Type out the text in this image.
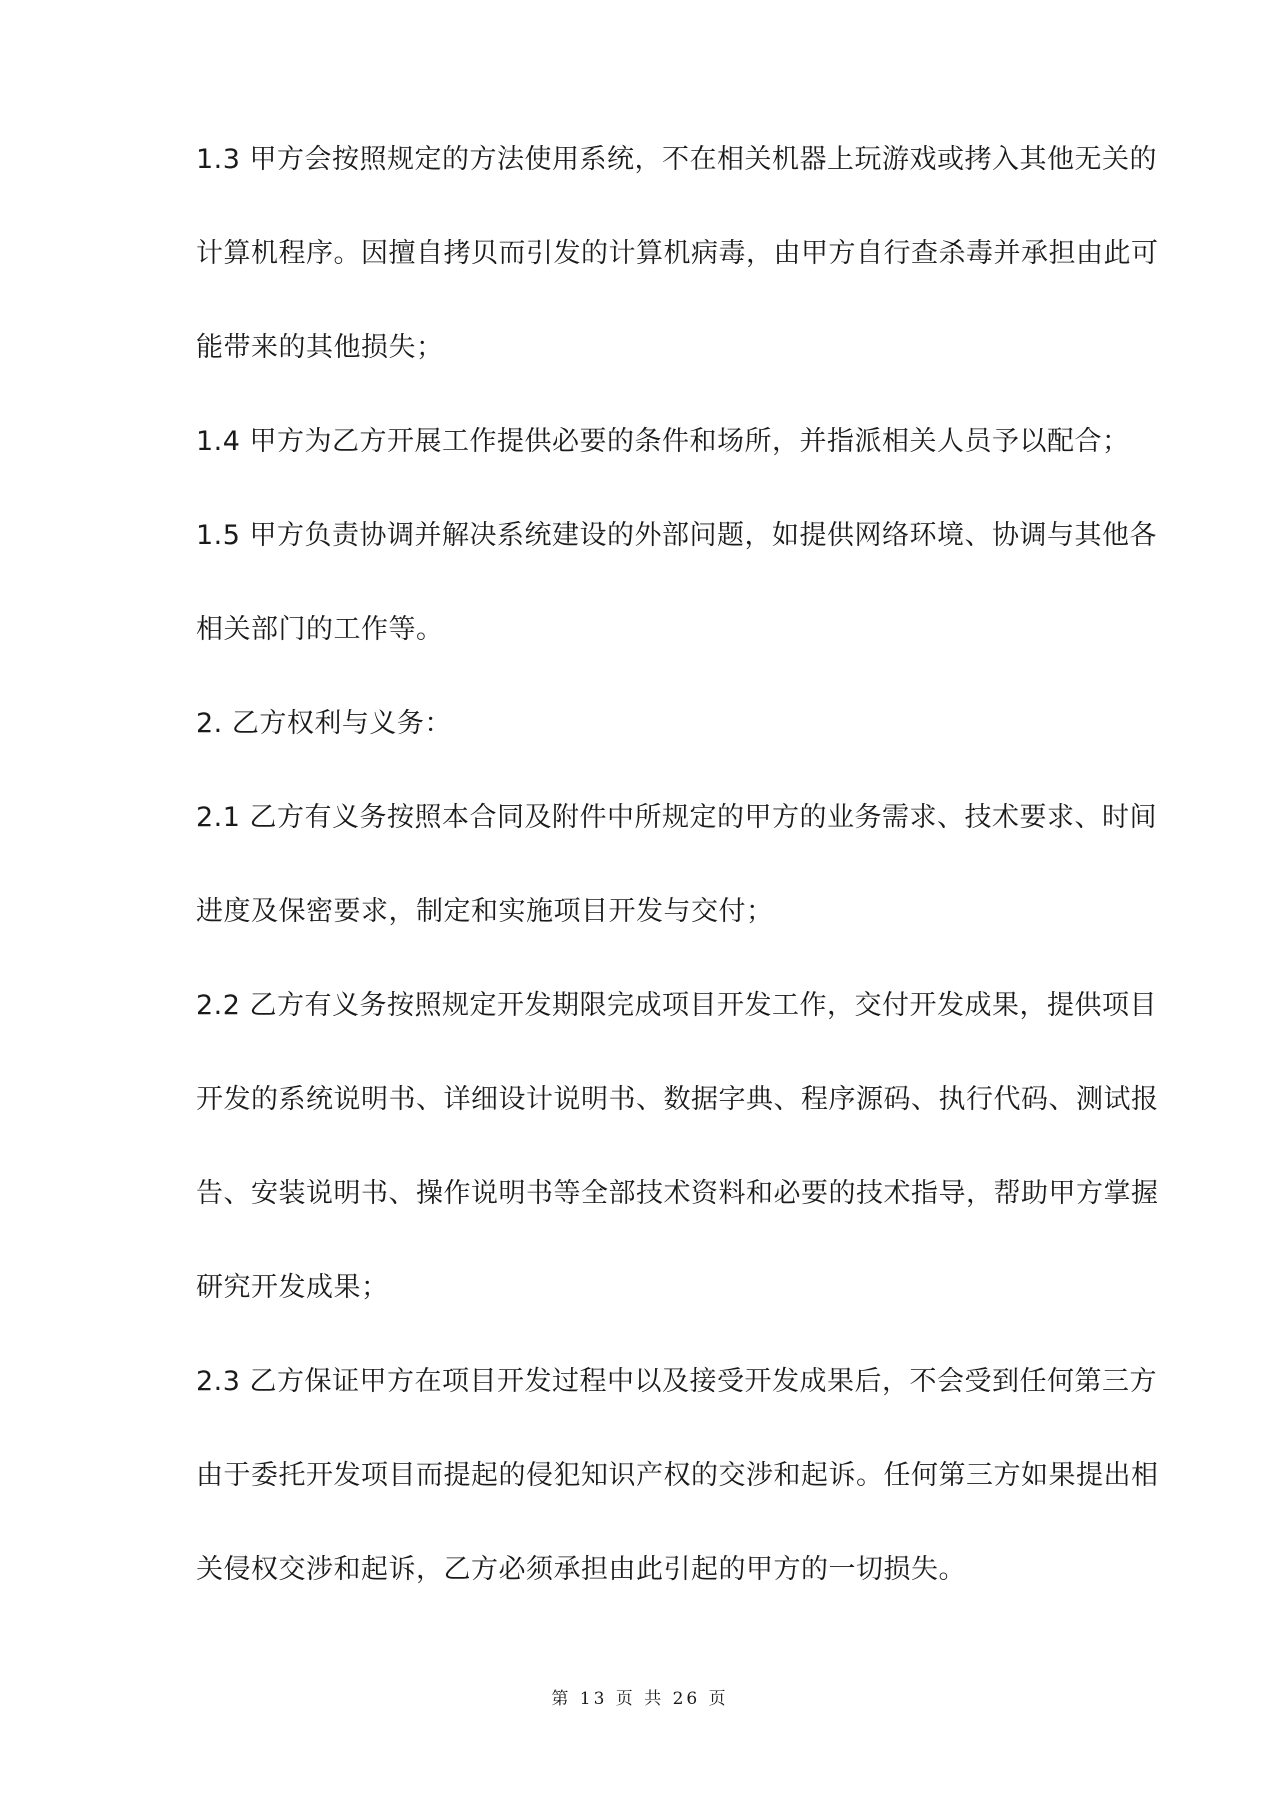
1.3 甲方会按照规定的方法使用系统，不在相关机器上玩游戏或拷入其他无关的
计算机程序。因擅自拷贝而引发的计算机病毒，由甲方自行查杀毒并承担由此可
能带来的其他损失；
1.4 甲方为乙方开展工作提供必要的条件和场所，并指派相关人员予以配合；
1.5 甲方负责协调并解决系统建设的外部问题，如提供网络环境、协调与其他各
相关部门的工作等。
2. 乙方权利与义务：
2.1 乙方有义务按照本合同及附件中所规定的甲方的业务需求、技术要求、时间
进度及保密要求，制定和实施项目开发与交付；
2.2 乙方有义务按照规定开发期限完成项目开发工作，交付开发成果，提供项目
开发的系统说明书、详细设计说明书、数据字典、程序源码、执行代码、测试报
告、安装说明书、操作说明书等全部技术资料和必要的技术指导，帮助甲方掌握
研究开发成果；
2.3 乙方保证甲方在项目开发过程中以及接受开发成果后，不会受到任何第三方
由于委托开发项目而提起的侵犯知识产权的交涉和起诉。任何第三方如果提出相
关侵权交涉和起诉，乙方必须承担由此引起的甲方的一切损失。
第 13 页 共 26 页
